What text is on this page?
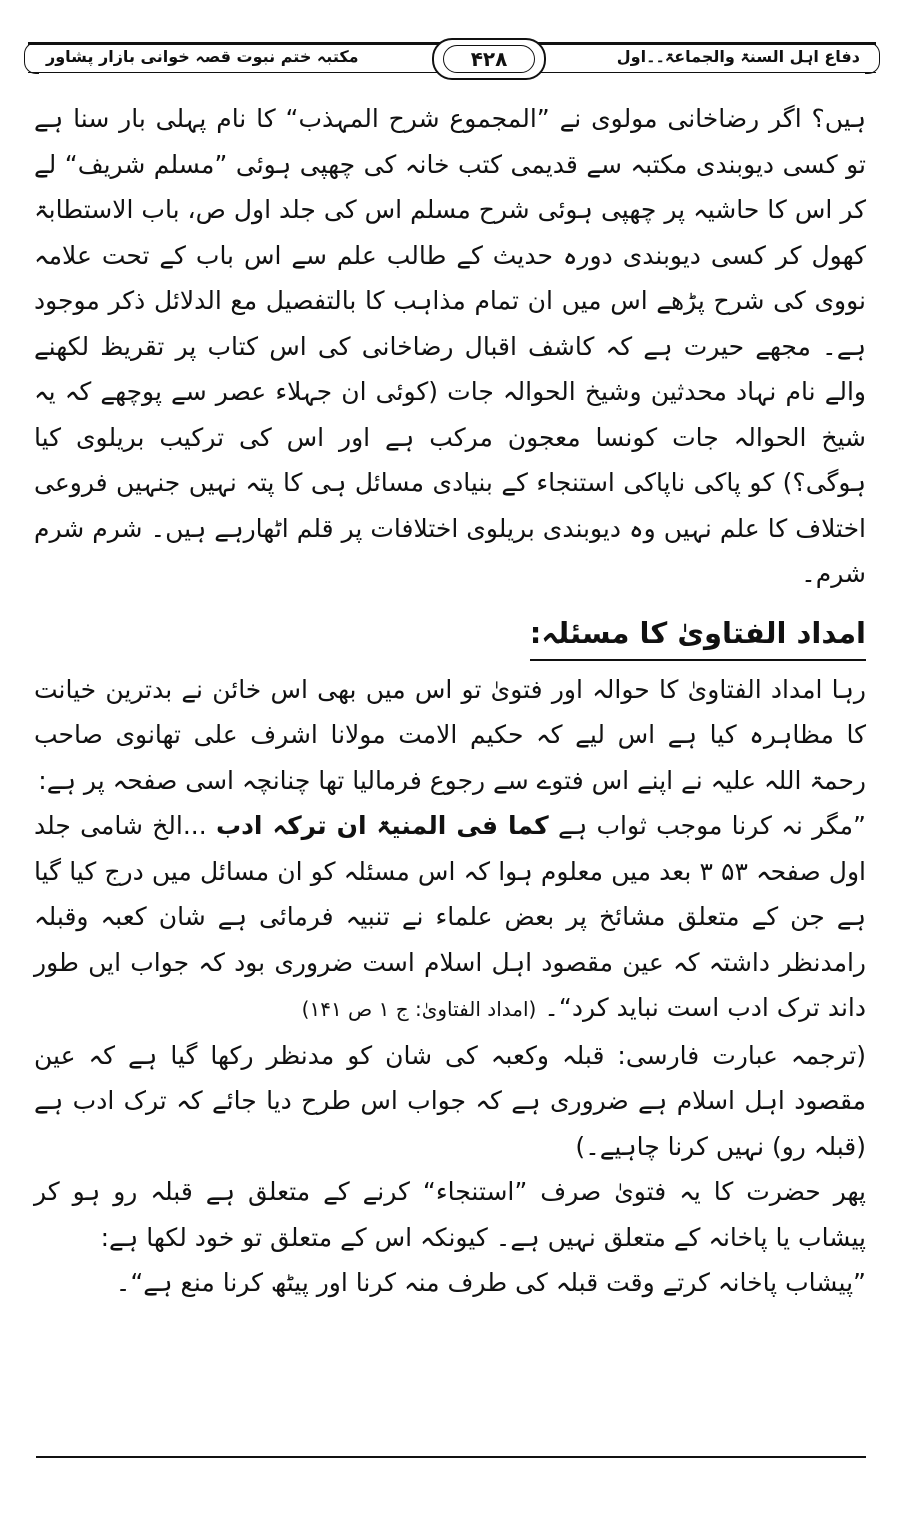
دفاع اہل السنۃ والجماعۃ۔۔اول
مکتبہ ختم نبوت قصہ خوانی بازار پشاور	۴۲۸

ہیں؟ اگر رضاخانی مولوی نے ”المجموع شرح المہذب“ کا نام پہلی بار سنا ہے تو کسی دیوبندی مکتبہ سے قدیمی کتب خانہ کی چھپی ہوئی ”مسلم شریف“ لے کر اس کا حاشیہ پر چھپی ہوئی شرح مسلم اس کی جلد اول ص، باب الاستطابۃ کھول کر کسی دیوبندی دورہ حدیث کے طالب علم سے اس باب کے تحت علامہ نووی کی شرح پڑھے اس میں ان تمام مذاہب کا بالتفصیل مع الدلائل ذکر موجود ہے۔ مجھے حیرت ہے کہ کاشف اقبال رضاخانی کی اس کتاب پر تقریظ لکھنے والے نام نہاد محدثین وشیخ الحوالہ جات (کوئی ان جہلاء عصر سے پوچھے کہ یہ شیخ الحوالہ جات کونسا معجون مرکب ہے اور اس کی ترکیب بریلوی کیا ہوگی؟) کو پاکی ناپاکی استنجاء کے بنیادی مسائل ہی کا پتہ نہیں جنہیں فروعی اختلاف کا علم نہیں وہ دیوبندی بریلوی اختلافات پر قلم اٹھارہے ہیں۔ شرم شرم شرم۔

امداد الفتاویٰ کا مسئلہ:

رہا امداد الفتاویٰ کا حوالہ اور فتویٰ تو اس میں بھی اس خائن نے بدترین خیانت کا مظاہرہ کیا ہے اس لیے کہ حکیم الامت مولانا اشرف علی تھانوی صاحب رحمۃ اللہ علیہ نے اپنے اس فتوے سے رجوع فرمالیا تھا چنانچہ اسی صفحہ پر ہے:

”مگر نہ کرنا موجب ثواب ہے کما فی المنیۃ ان ترکہ ادب ...الخ شامی جلد اول صفحہ ۵۳ ۳ بعد میں معلوم ہوا کہ اس مسئلہ کو ان مسائل میں درج کیا گیا ہے جن کے متعلق مشائخ پر بعض علماء نے تنبیہ فرمائی ہے شان کعبہ وقبلہ رامدنظر داشتہ کہ عین مقصود اہل اسلام است ضروری بود کہ جواب ایں طور داند ترک ادب است نباید کرد“۔ (امداد الفتاویٰ: ج ۱ ص ۱۴۱)

(ترجمہ عبارت فارسی: قبلہ وکعبہ کی شان کو مدنظر رکھا گیا ہے کہ عین مقصود اہل اسلام ہے ضروری ہے کہ جواب اس طرح دیا جائے کہ ترک ادب ہے (قبلہ رو) نہیں کرنا چاہیے۔)

پھر حضرت کا یہ فتویٰ صرف ”استنجاء“ کرنے کے متعلق ہے قبلہ رو ہو کر پیشاب یا پاخانہ کے متعلق نہیں ہے۔ کیونکہ اس کے متعلق تو خود لکھا ہے:

”پیشاب پاخانہ کرتے وقت قبلہ کی طرف منہ کرنا اور پیٹھ کرنا منع ہے“۔
